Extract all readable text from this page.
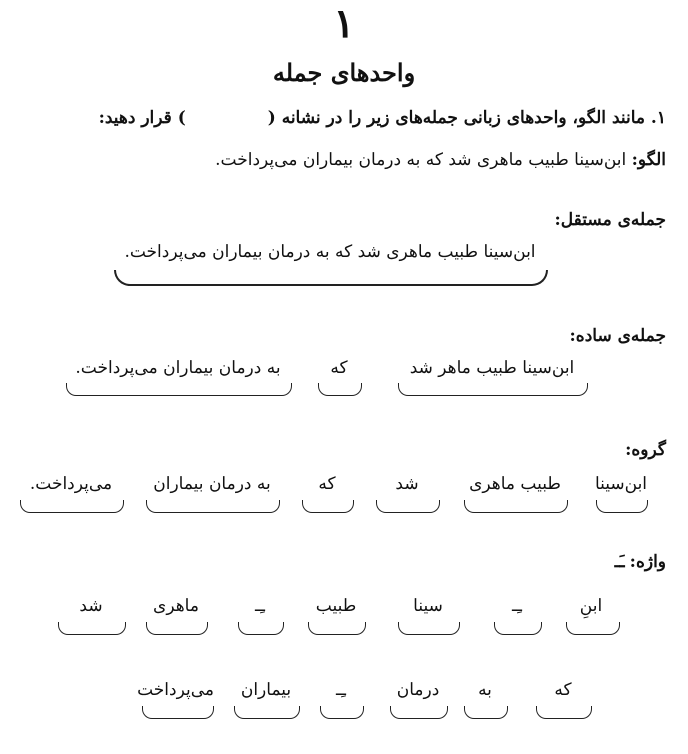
۱
واحدهای جمله
۱. مانند الگو، واحدهای زبانی جمله‌های زیر را در نشانه () قرار دهید:
الگو: ابن‌سینا طبیب ماهری شد که به درمان بیماران می‌پرداخت.
جمله‌ی مستقل:
ابن‌سینا طبیب ماهری شد که به درمان بیماران می‌پرداخت.
جمله‌ی ساده:
ابن‌سینا طبیب ماهر شد
که
به درمان بیماران می‌پرداخت.
گروه:
ابن‌سینا
طبیب ماهری
شد
که
به درمان بیماران
می‌پرداخت.
واژه: ـَـ
ابنِ
ـِـ
سینا
طبیب
ـِـ
ماهری
شد
که
به
درمان
ـِـ
بیماران
می‌پرداخت
